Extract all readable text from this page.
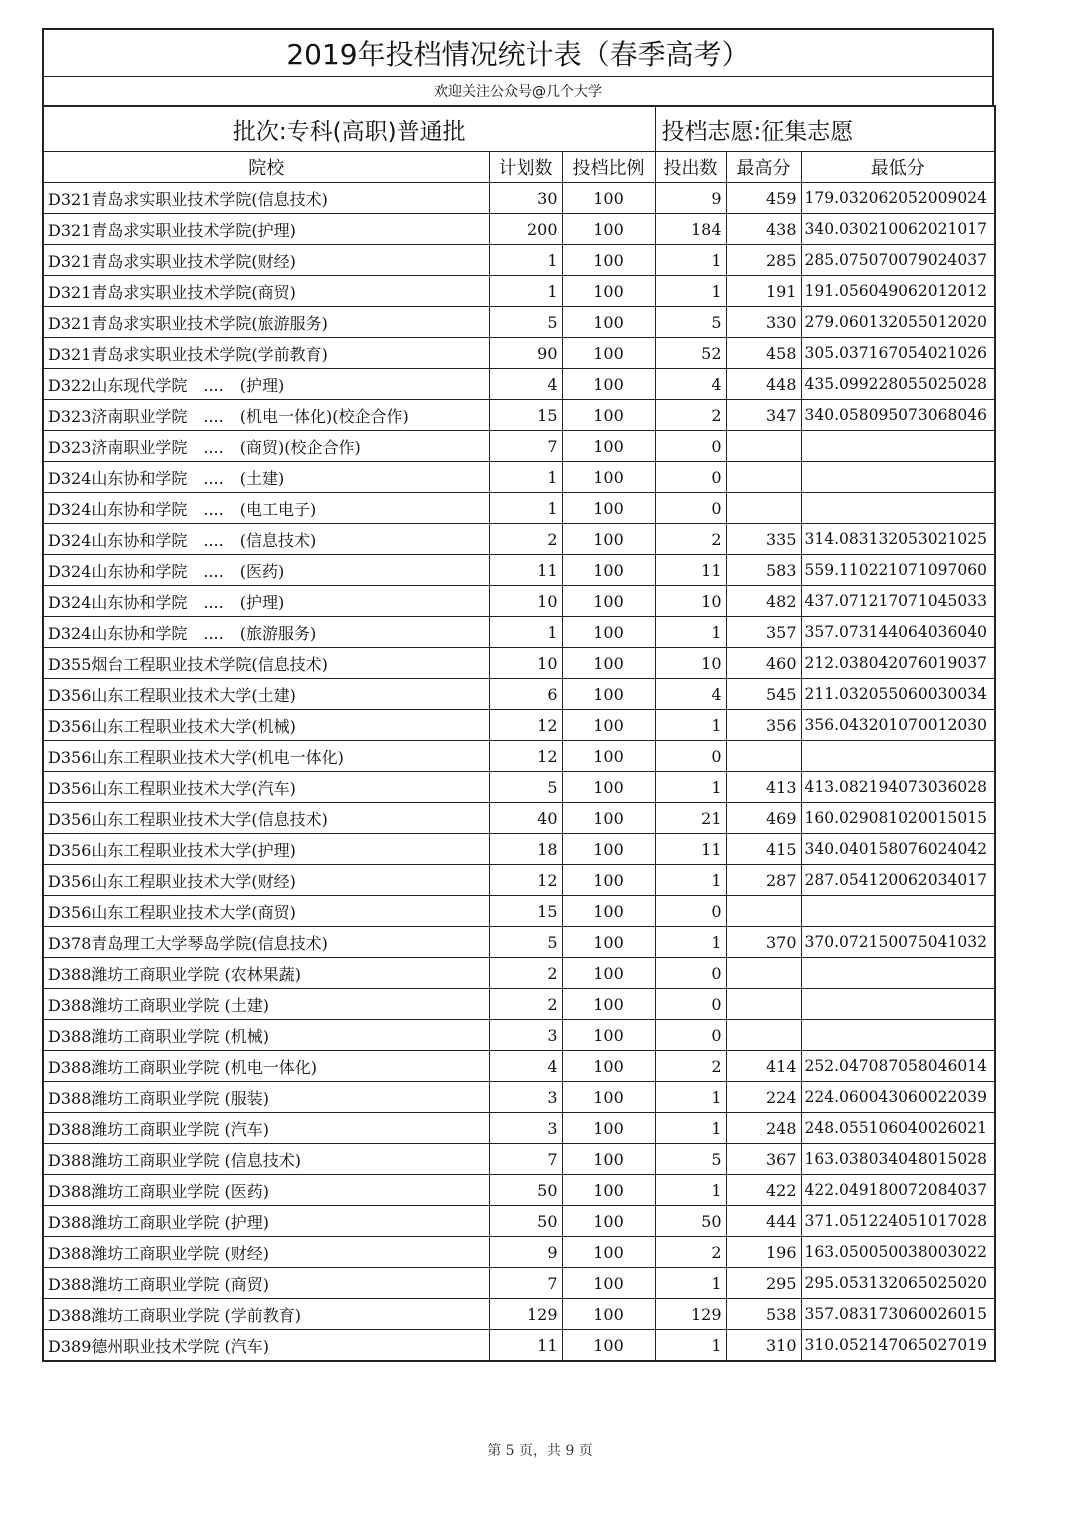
2019年投档情况统计表（春季高考）
欢迎关注公众号@几个大学
批次:专科(高职)普通批			投档志愿:征集志愿		
院校	计划数	投档比例	投出数	最高分	最低分
D321青岛求实职业技术学院(信息技术)	30	100	9	459	179.032062052009024
D321青岛求实职业技术学院(护理)	200	100	184	438	340.030210062021017
D321青岛求实职业技术学院(财经)	1	100	1	285	285.075070079024037
D321青岛求实职业技术学院(商贸)	1	100	1	191	191.056049062012012
D321青岛求实职业技术学院(旅游服务)	5	100	5	330	279.060132055012020
D321青岛求实职业技术学院(学前教育)	90	100	52	458	305.037167054021026
D322山东现代学院　....　(护理)	4	100	4	448	435.099228055025028
D323济南职业学院　....　(机电一体化)(校企合作)	15	100	2	347	340.058095073068046
D323济南职业学院　....　(商贸)(校企合作)	7	100	0		
D324山东协和学院　....　(土建)	1	100	0		
D324山东协和学院　....　(电工电子)	1	100	0		
D324山东协和学院　....　(信息技术)	2	100	2	335	314.083132053021025
D324山东协和学院　....　(医药)	11	100	11	583	559.110221071097060
D324山东协和学院　....　(护理)	10	100	10	482	437.071217071045033
D324山东协和学院　....　(旅游服务)	1	100	1	357	357.073144064036040
D355烟台工程职业技术学院(信息技术)	10	100	10	460	212.038042076019037
D356山东工程职业技术大学(土建)	6	100	4	545	211.032055060030034
D356山东工程职业技术大学(机械)	12	100	1	356	356.043201070012030
D356山东工程职业技术大学(机电一体化)	12	100	0		
D356山东工程职业技术大学(汽车)	5	100	1	413	413.082194073036028
D356山东工程职业技术大学(信息技术)	40	100	21	469	160.029081020015015
D356山东工程职业技术大学(护理)	18	100	11	415	340.040158076024042
D356山东工程职业技术大学(财经)	12	100	1	287	287.054120062034017
D356山东工程职业技术大学(商贸)	15	100	0		
D378青岛理工大学琴岛学院(信息技术)	5	100	1	370	370.072150075041032
D388潍坊工商职业学院 (农林果蔬)	2	100	0		
D388潍坊工商职业学院 (土建)	2	100	0		
D388潍坊工商职业学院 (机械)	3	100	0		
D388潍坊工商职业学院 (机电一体化)	4	100	2	414	252.047087058046014
D388潍坊工商职业学院 (服装)	3	100	1	224	224.060043060022039
D388潍坊工商职业学院 (汽车)	3	100	1	248	248.055106040026021
D388潍坊工商职业学院 (信息技术)	7	100	5	367	163.038034048015028
D388潍坊工商职业学院 (医药)	50	100	1	422	422.049180072084037
D388潍坊工商职业学院 (护理)	50	100	50	444	371.051224051017028
D388潍坊工商职业学院 (财经)	9	100	2	196	163.050050038003022
D388潍坊工商职业学院 (商贸)	7	100	1	295	295.053132065025020
D388潍坊工商职业学院 (学前教育)	129	100	129	538	357.083173060026015
D389德州职业技术学院 (汽车)	11	100	1	310	310.052147065027019
第 5 页，共 9 页
